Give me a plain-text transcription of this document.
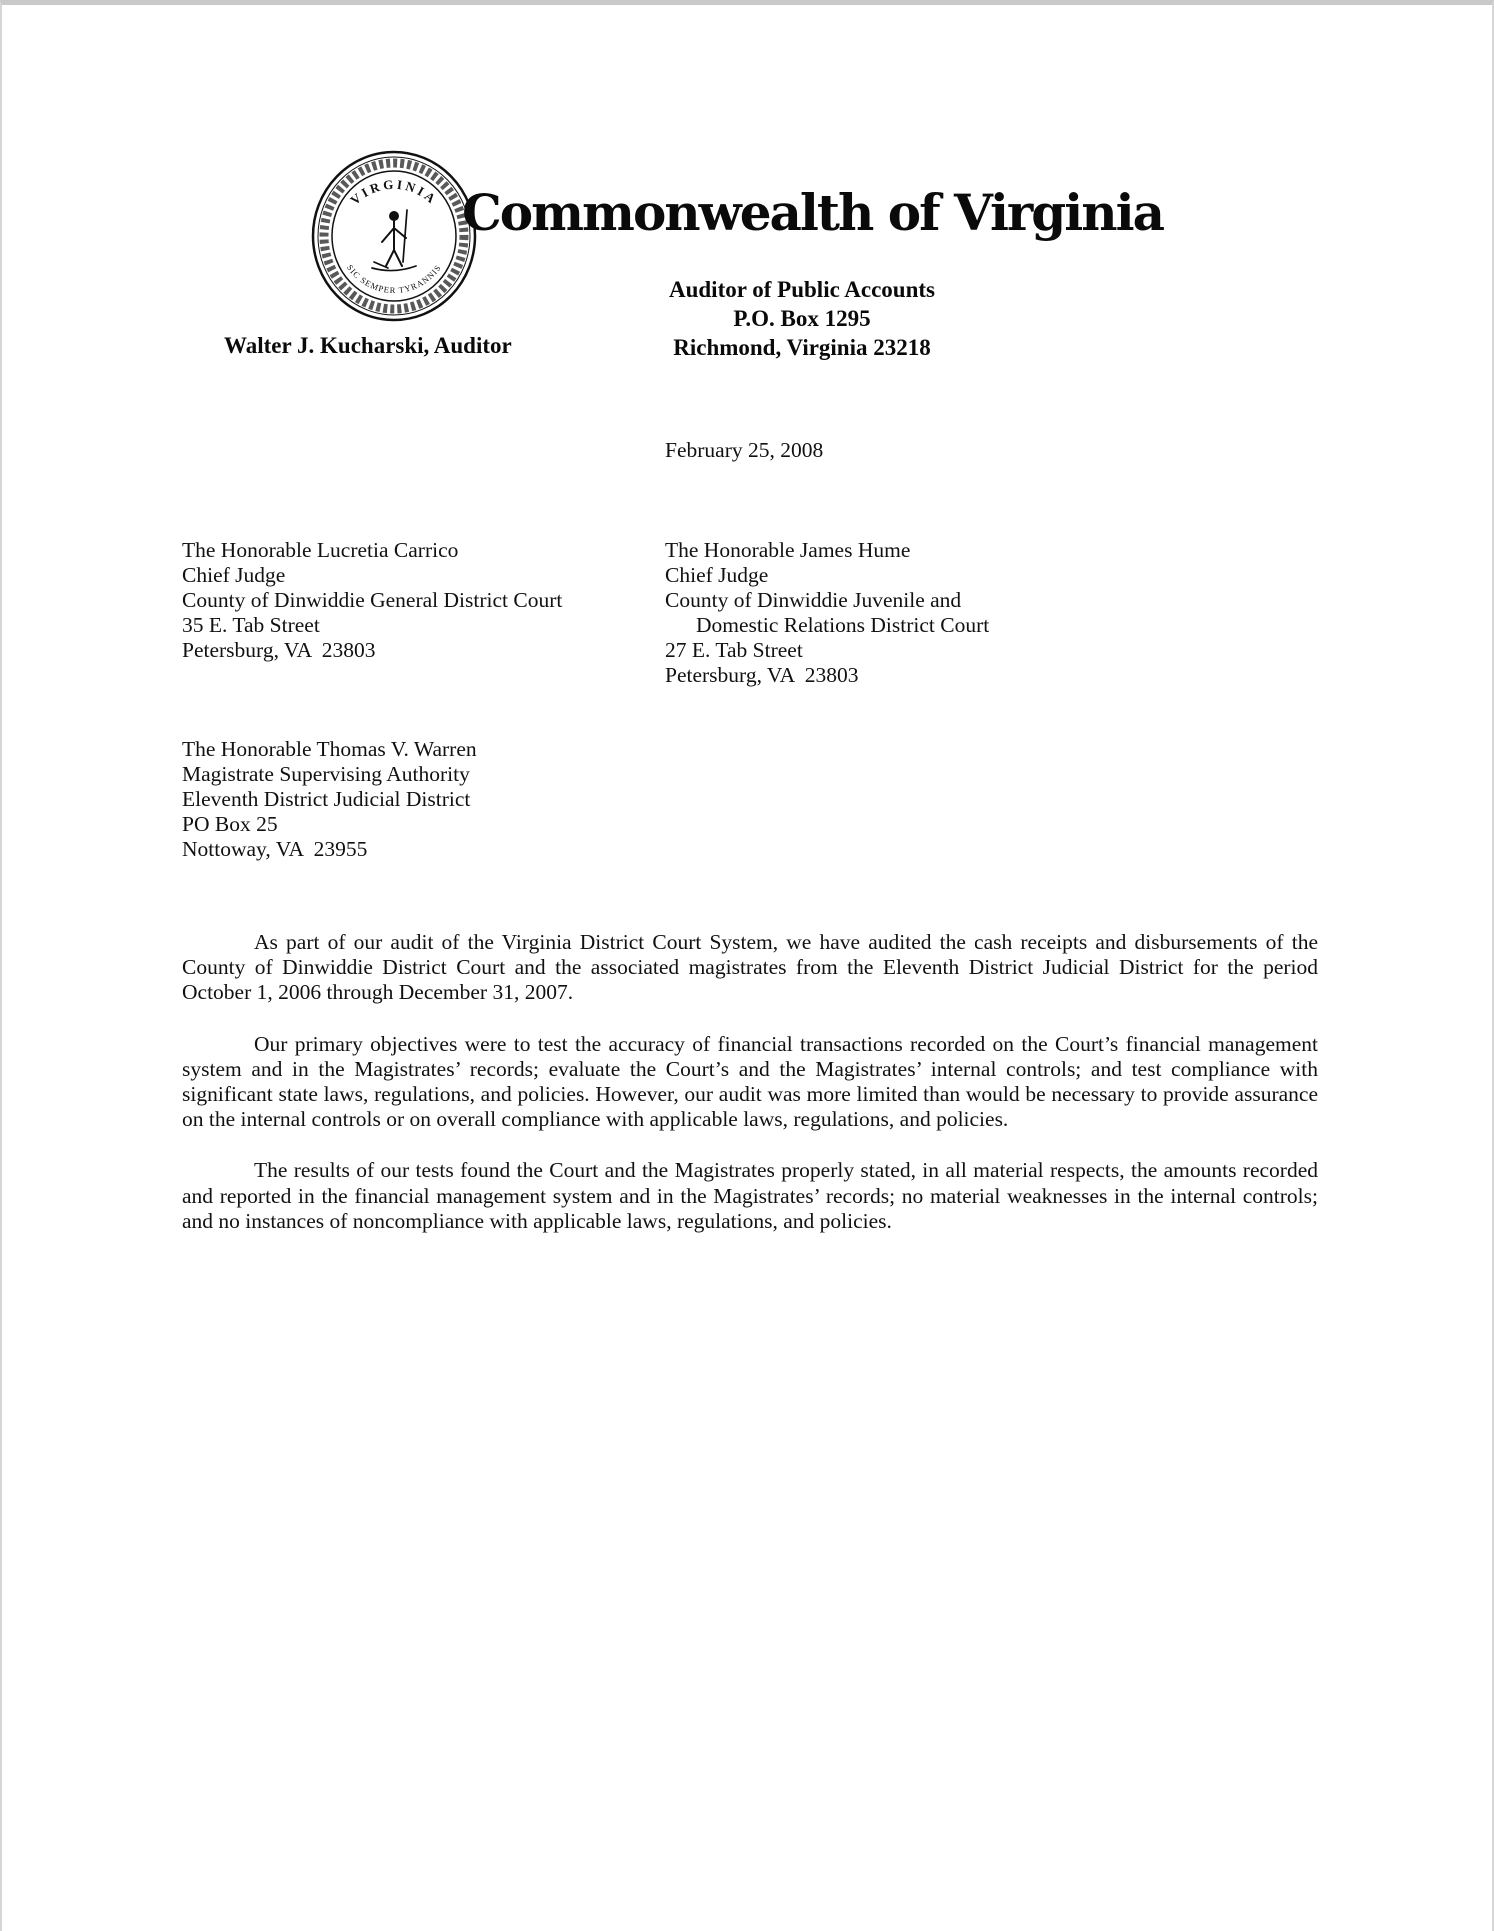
VIRGINIA
SIC SEMPER TYRANNIS
Commonwealth of Virginia
Auditor of Public Accounts
P.O. Box 1295
Richmond, Virginia 23218
Walter J. Kucharski, Auditor
February 25, 2008
The Honorable Lucretia Carrico
Chief Judge
County of Dinwiddie General District Court
35 E. Tab Street
Petersburg, VA  23803
The Honorable James Hume
Chief Judge
County of Dinwiddie Juvenile and
Domestic Relations District Court
27 E. Tab Street
Petersburg, VA  23803
The Honorable Thomas V. Warren
Magistrate Supervising Authority
Eleventh District Judicial District
PO Box 25
Nottoway, VA  23955

As part of our audit of the Virginia District Court System, we have audited the cash receipts and disbursements of the County of Dinwiddie District Court and the associated magistrates from the Eleventh District Judicial District for the period October 1, 2006 through December 31, 2007.

Our primary objectives were to test the accuracy of financial transactions recorded on the Court’s financial management system and in the Magistrates’ records; evaluate the Court’s and the Magistrates’ internal controls; and test compliance with significant state laws, regulations, and policies. However, our audit was more limited than would be necessary to provide assurance on the internal controls or on overall compliance with applicable laws, regulations, and policies.

The results of our tests found the Court and the Magistrates properly stated, in all material respects, the amounts recorded and reported in the financial management system and in the Magistrates’ records; no material weaknesses in the internal controls; and no instances of noncompliance with applicable laws, regulations, and policies.
